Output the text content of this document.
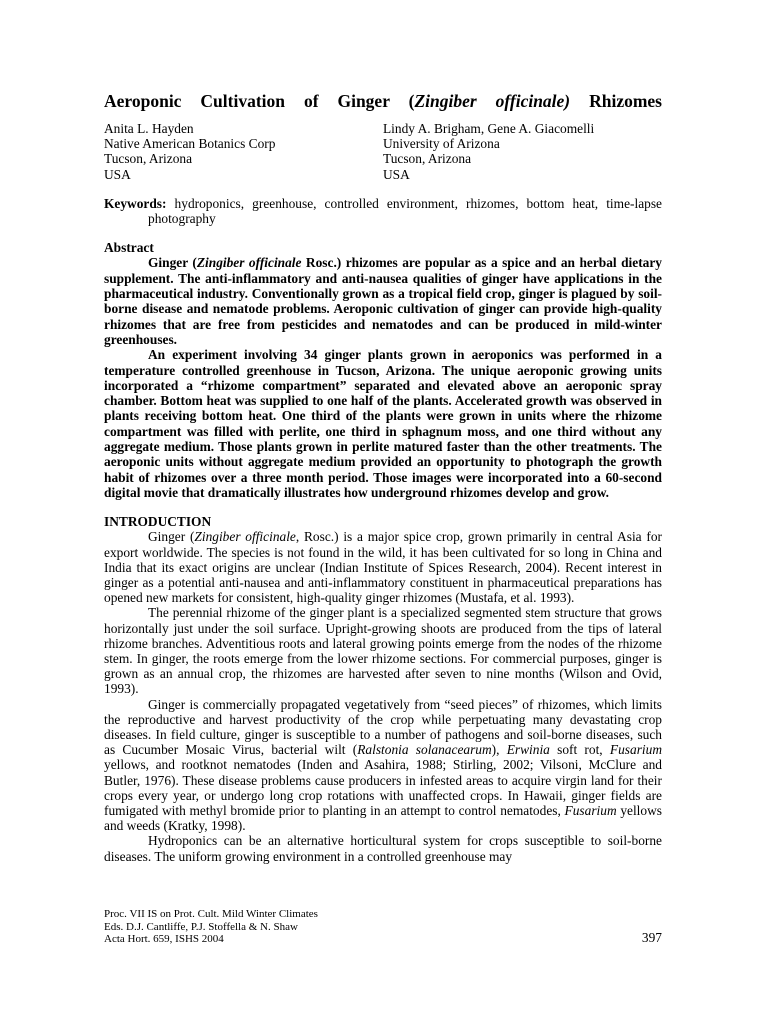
Aeroponic Cultivation of Ginger (Zingiber officinale) Rhizomes
Anita L. Hayden
Native American Botanics Corp
Tucson, Arizona
USA
Lindy A. Brigham, Gene A. Giacomelli
University of Arizona
Tucson, Arizona
USA
Keywords: hydroponics, greenhouse, controlled environment, rhizomes, bottom heat, time-lapse photography
Abstract

Ginger (Zingiber officinale Rosc.) rhizomes are popular as a spice and an herbal dietary supplement. The anti-inflammatory and anti-nausea qualities of ginger have applications in the pharmaceutical industry. Conventionally grown as a tropical field crop, ginger is plagued by soil-borne disease and nematode problems. Aeroponic cultivation of ginger can provide high-quality rhizomes that are free from pesticides and nematodes and can be produced in mild-winter greenhouses.

An experiment involving 34 ginger plants grown in aeroponics was performed in a temperature controlled greenhouse in Tucson, Arizona. The unique aeroponic growing units incorporated a “rhizome compartment” separated and elevated above an aeroponic spray chamber. Bottom heat was supplied to one half of the plants. Accelerated growth was observed in plants receiving bottom heat. One third of the plants were grown in units where the rhizome compartment was filled with perlite, one third in sphagnum moss, and one third without any aggregate medium. Those plants grown in perlite matured faster than the other treatments. The aeroponic units without aggregate medium provided an opportunity to photograph the growth habit of rhizomes over a three month period. Those images were incorporated into a 60-second digital movie that dramatically illustrates how underground rhizomes develop and grow.

INTRODUCTION

Ginger (Zingiber officinale, Rosc.) is a major spice crop, grown primarily in central Asia for export worldwide. The species is not found in the wild, it has been cultivated for so long in China and India that its exact origins are unclear (Indian Institute of Spices Research, 2004). Recent interest in ginger as a potential anti-nausea and anti-inflammatory constituent in pharmaceutical preparations has opened new markets for consistent, high-quality ginger rhizomes (Mustafa, et al. 1993).

The perennial rhizome of the ginger plant is a specialized segmented stem structure that grows horizontally just under the soil surface. Upright-growing shoots are produced from the tips of lateral rhizome branches. Adventitious roots and lateral growing points emerge from the nodes of the rhizome stem. In ginger, the roots emerge from the lower rhizome sections. For commercial purposes, ginger is grown as an annual crop, the rhizomes are harvested after seven to nine months (Wilson and Ovid, 1993).

Ginger is commercially propagated vegetatively from “seed pieces” of rhizomes, which limits the reproductive and harvest productivity of the crop while perpetuating many devastating crop diseases. In field culture, ginger is susceptible to a number of pathogens and soil-borne diseases, such as Cucumber Mosaic Virus, bacterial wilt (Ralstonia solanacearum), Erwinia soft rot, Fusarium yellows, and rootknot nematodes (Inden and Asahira, 1988; Stirling, 2002; Vilsoni, McClure and Butler, 1976). These disease problems cause producers in infested areas to acquire virgin land for their crops every year, or undergo long crop rotations with unaffected crops. In Hawaii, ginger fields are fumigated with methyl bromide prior to planting in an attempt to control nematodes, Fusarium yellows and weeds (Kratky, 1998).

Hydroponics can be an alternative horticultural system for crops susceptible to soil-borne diseases. The uniform growing environment in a controlled greenhouse may

Proc. VII IS on Prot. Cult. Mild Winter Climates
Eds. D.J. Cantliffe, P.J. Stoffella & N. Shaw
Acta Hort. 659, ISHS 2004	397
